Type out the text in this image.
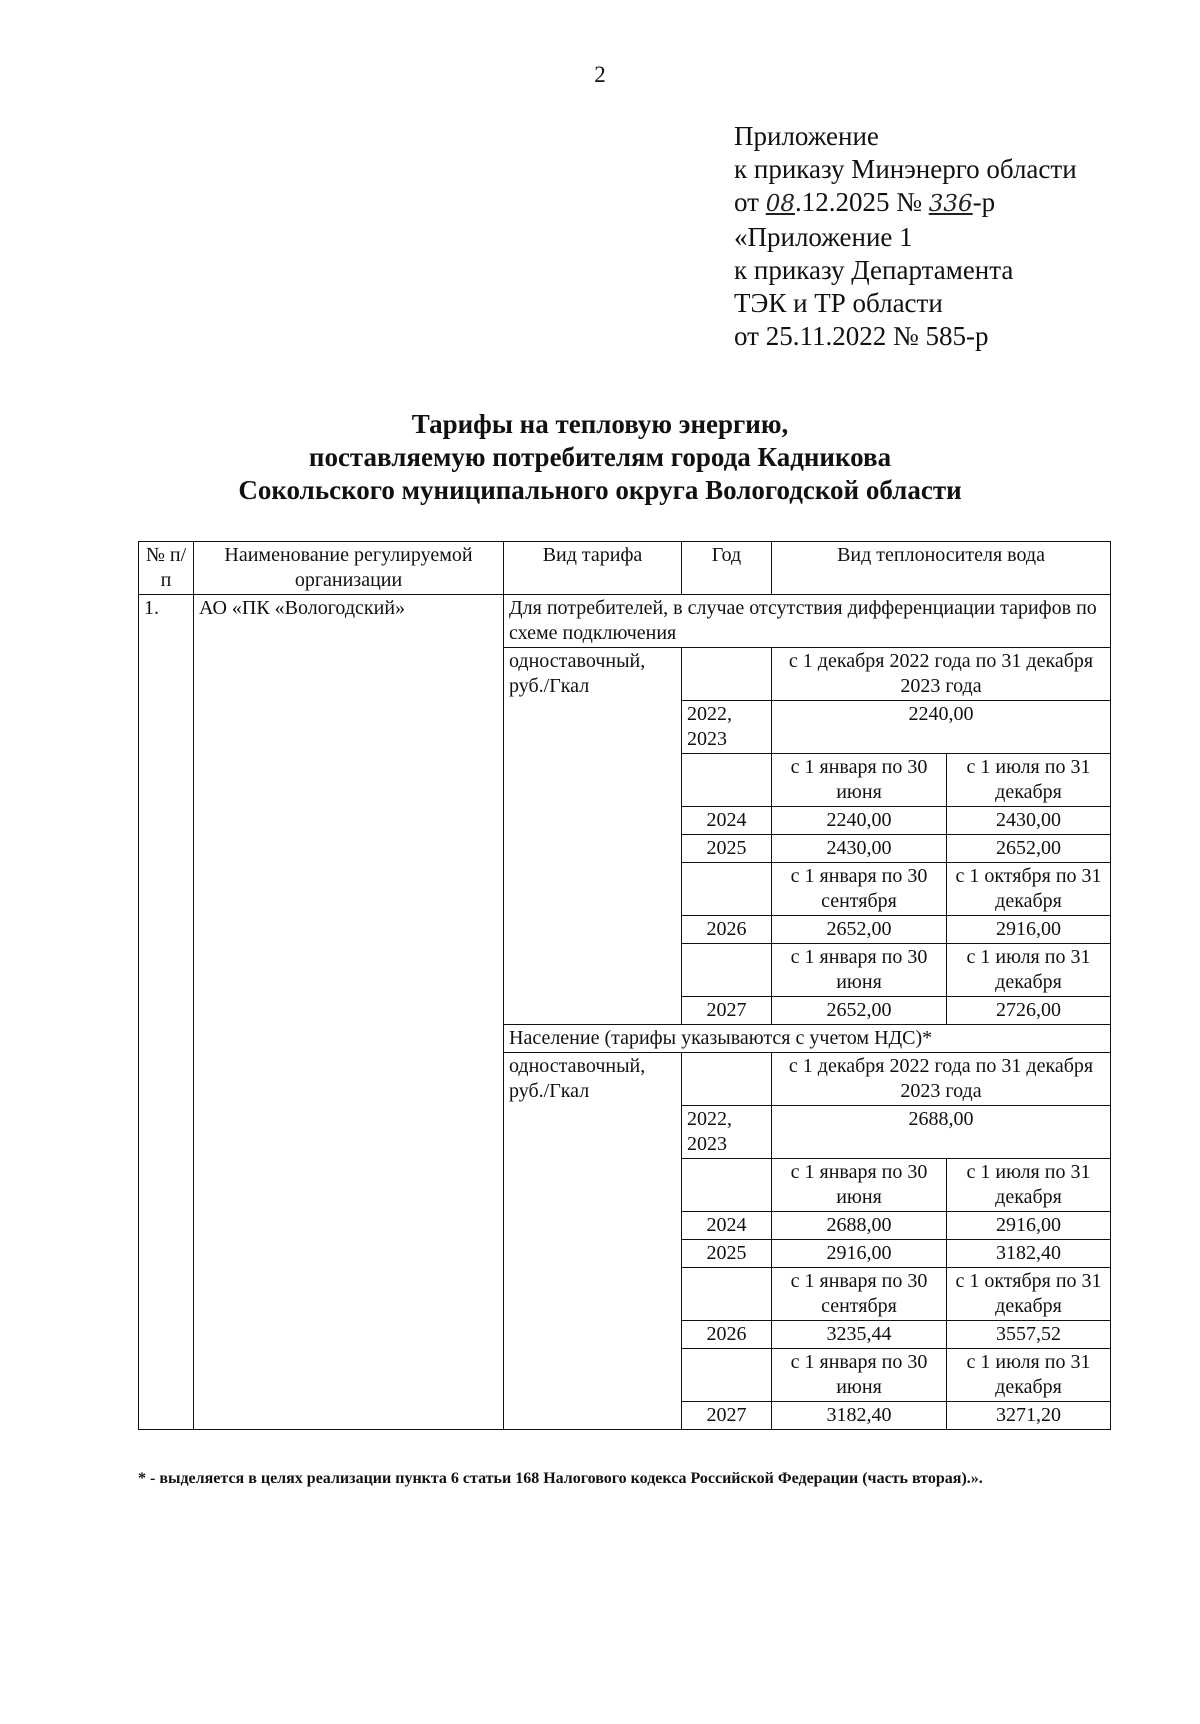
2
Приложение
к приказу Минэнерго области
от 08.12.2025 № 336-р
«Приложение 1
к приказу Департамента
ТЭК и ТР области
от 25.11.2022 № 585-р
Тарифы на тепловую энергию,
поставляемую потребителям города Кадникова
Сокольского муниципального округа Вологодской области
№ п/п	Наименование регулируемой организации	Вид тарифа	Год	Вид теплоносителя вода	
1.	АО «ПК «Вологодский»	Для потребителей, в случае отсутствия дифференциации тарифов по схеме подключения			
		одноставочный, руб./Гкал		с 1 декабря 2022 года по 31 декабря 2023 года	
			2022, 2023	2240,00	
				с 1 января по 30 июня	с 1 июля по 31 декабря
			2024	2240,00	2430,00
			2025	2430,00	2652,00
				с 1 января по 30 сентября	с 1 октября по 31 декабря
			2026	2652,00	2916,00
				с 1 января по 30 июня	с 1 июля по 31 декабря
			2027	2652,00	2726,00
		Население (тарифы указываются с учетом НДС)*			
		одноставочный, руб./Гкал		с 1 декабря 2022 года по 31 декабря 2023 года	
			2022, 2023	2688,00	
				с 1 января по 30 июня	с 1 июля по 31 декабря
			2024	2688,00	2916,00
			2025	2916,00	3182,40
				с 1 января по 30 сентября	с 1 октября по 31 декабря
			2026	3235,44	3557,52
				с 1 января по 30 июня	с 1 июля по 31 декабря
			2027	3182,40	3271,20
* - выделяется в целях реализации пункта 6 статьи 168 Налогового кодекса Российской Федерации (часть вторая).».
